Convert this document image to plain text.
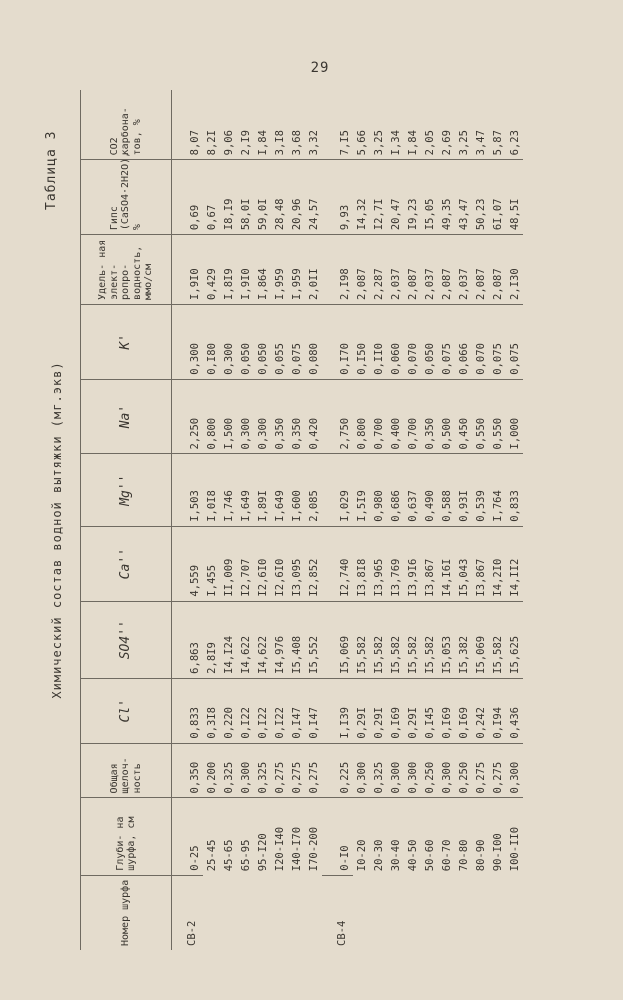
29
Таблица 3
Химический состав водной вытяжки (мг.экв)
Номер шурфа	Глуби- на шурфа, см	Общая щелоч- ность	Cl'	SO4''	Ca''	Mg''	Na'	K'	Удель- ная элект- ропро- водность, ммо/см	Гипс (CaSO4·2H2O), %	CO2 карбона- тов, %

СВ-2	0-25	0,350	0,833	6,863	4,559	I,503	2,250	0,300	I,9I0	0,69	8,07
	25-45	0,200	0,3I8	2,8I9	I,455	I,0I8	0,800	0,I80	0,429	0,67	8,2I
	45-65	0,325	0,220	I4,I24	II,009	I,746	I,500	0,300	I,8I9	I8,I9	9,06
	65-95	0,300	0,I22	I4,622	I2,707	I,649	0,300	0,050	I,9I0	58,0I	2,I9
	95-I20	0,325	0,I22	I4,622	I2,6I0	I,89I	0,300	0,050	I,864	59,0I	I,84
	I20-I40	0,275	0,I22	I4,976	I2,6I0	I,649	0,350	0,055	I,959	28,48	3,I8
	I40-I70	0,275	0,I47	I5,408	I3,095	I,600	0,350	0,075	I,959	20,96	3,68
	I70-200	0,275	0,I47	I5,552	I2,852	2,085	0,420	0,080	2,0II	24,57	3,32

СВ-4	0-I0	0,225	I,I39	I5,069	I2,740	I,029	2,750	0,I70	2,I98	9,93	7,I5
	I0-20	0,300	0,29I	I5,582	I3,8I8	I,5I9	0,800	0,I50	2,087	I4,32	5,66
	20-30	0,325	0,29I	I5,582	I3,965	0,980	0,700	0,II0	2,287	I2,7I	3,25
	30-40	0,300	0,I69	I5,582	I3,769	0,686	0,400	0,060	2,037	20,47	I,34
	40-50	0,300	0,29I	I5,582	I3,9I6	0,637	0,700	0,070	2,087	I9,23	I,84
	50-60	0,250	0,I45	I5,582	I3,867	0,490	0,350	0,050	2,037	I5,05	2,05
	60-70	0,300	0,I69	I5,053	I4,I6I	0,588	0,500	0,075	2,087	49,35	2,69
	70-80	0,250	0,I69	I5,382	I5,043	0,93I	0,450	0,066	2,037	43,47	3,25
	80-90	0,275	0,242	I5,069	I3,867	0,539	0,550	0,070	2,087	50,23	3,47
	90-I00	0,275	0,I94	I5,582	I4,2I0	I,764	0,550	0,075	2,087	6I,07	5,87
	I00-II0	0,300	0,436	I5,625	I4,II2	0,833	I,000	0,075	2,I30	48,5I	6,23
